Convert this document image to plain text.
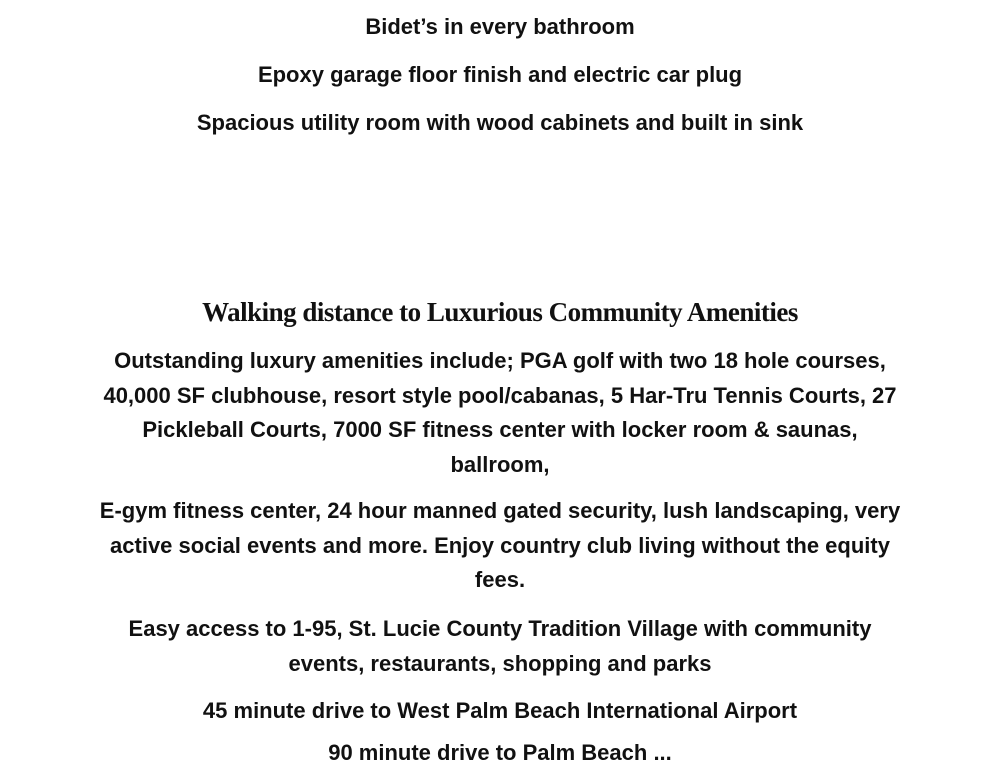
Bidet’s in every bathroom
Epoxy garage floor finish and electric car plug
Spacious utility room with wood cabinets and built in sink
Walking distance to Luxurious Community Amenities
Outstanding luxury amenities include; PGA golf with two 18 hole courses, 40,000 SF clubhouse, resort style pool/cabanas, 5 Har-Tru Tennis Courts, 27 Pickleball Courts, 7000 SF fitness center with locker room & saunas, ballroom,
E-gym fitness center, 24 hour manned gated security, lush landscaping, very active social events and more. Enjoy country club living without the equity fees.
Easy access to 1-95, St. Lucie County Tradition Village with community events, restaurants, shopping and parks
45 minute drive to West Palm Beach International Airport
90 minute drive to Palm Beach ...
